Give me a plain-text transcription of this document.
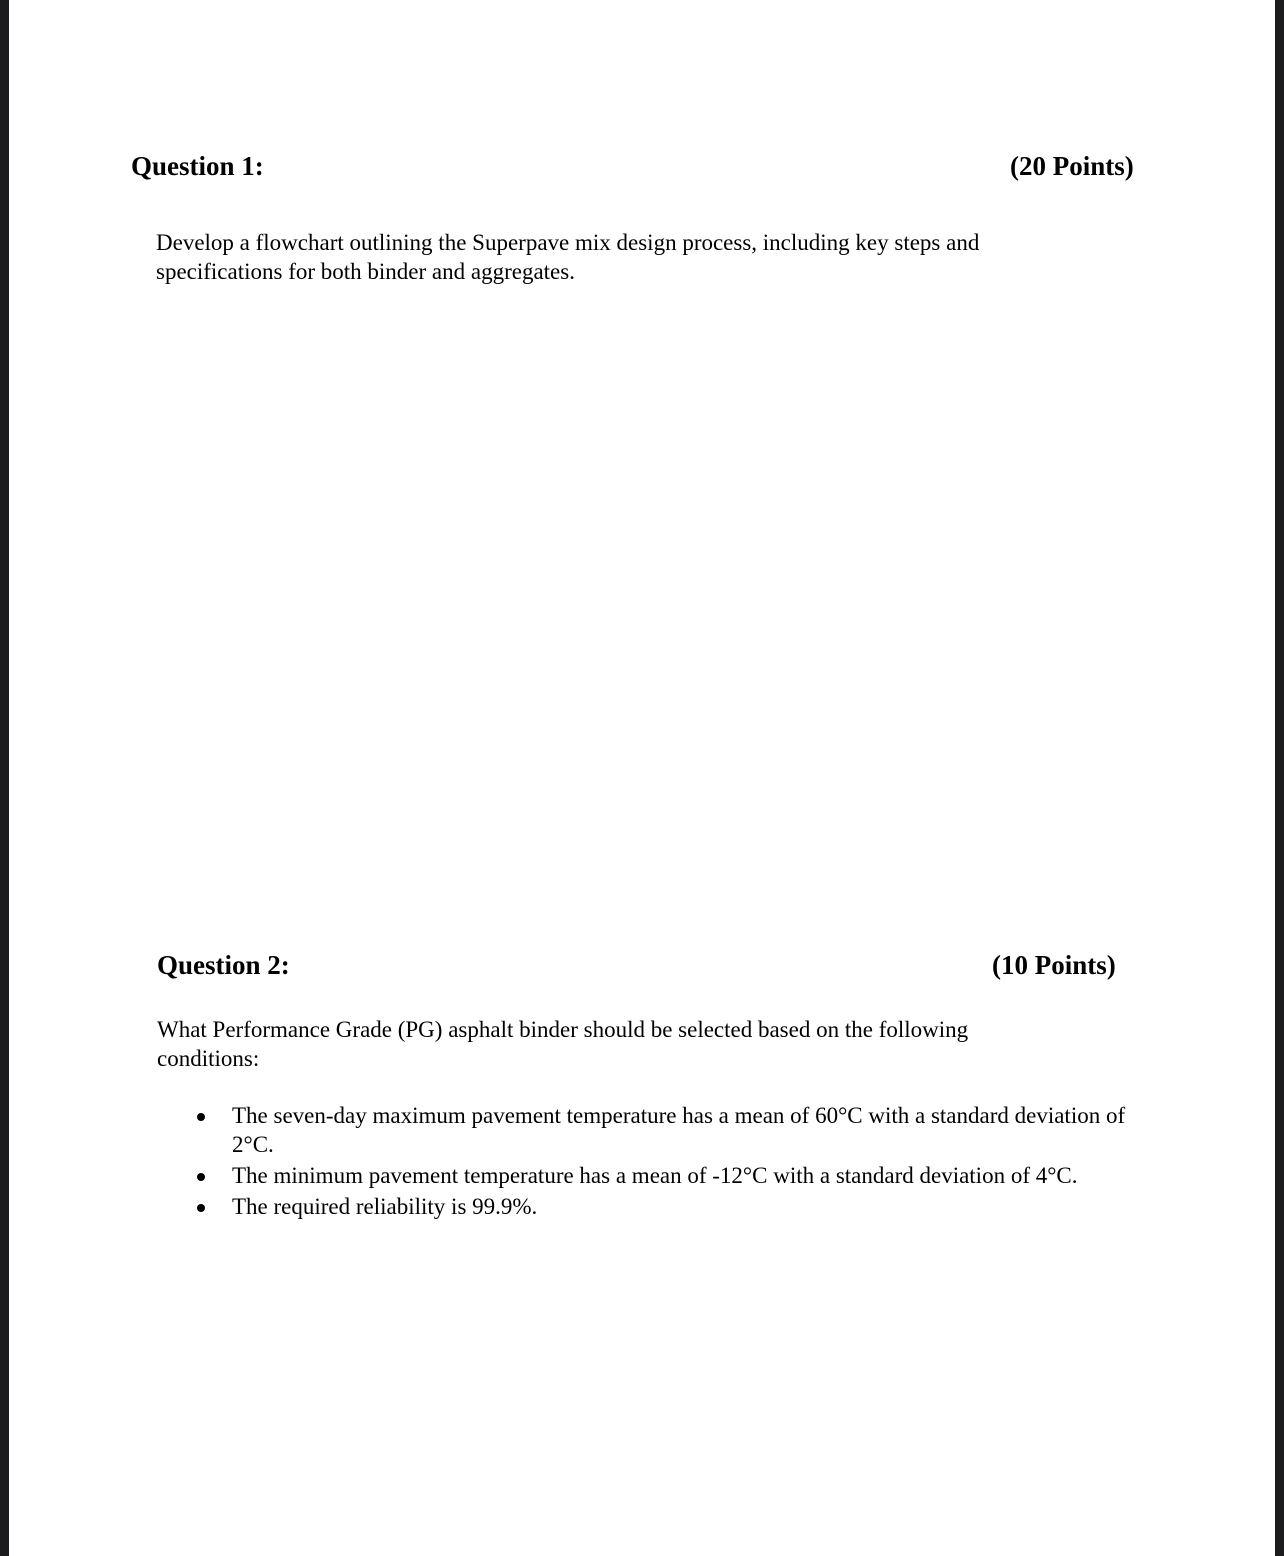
Question 1:	(20 Points)
Develop a flowchart outlining the Superpave mix design process, including key steps and specifications for both binder and aggregates.
Question 2:	(10 Points)
What Performance Grade (PG) asphalt binder should be selected based on the following conditions:
The seven-day maximum pavement temperature has a mean of 60°C with a standard deviation of 2°C.
The minimum pavement temperature has a mean of -12°C with a standard deviation of 4°C.
The required reliability is 99.9%.
